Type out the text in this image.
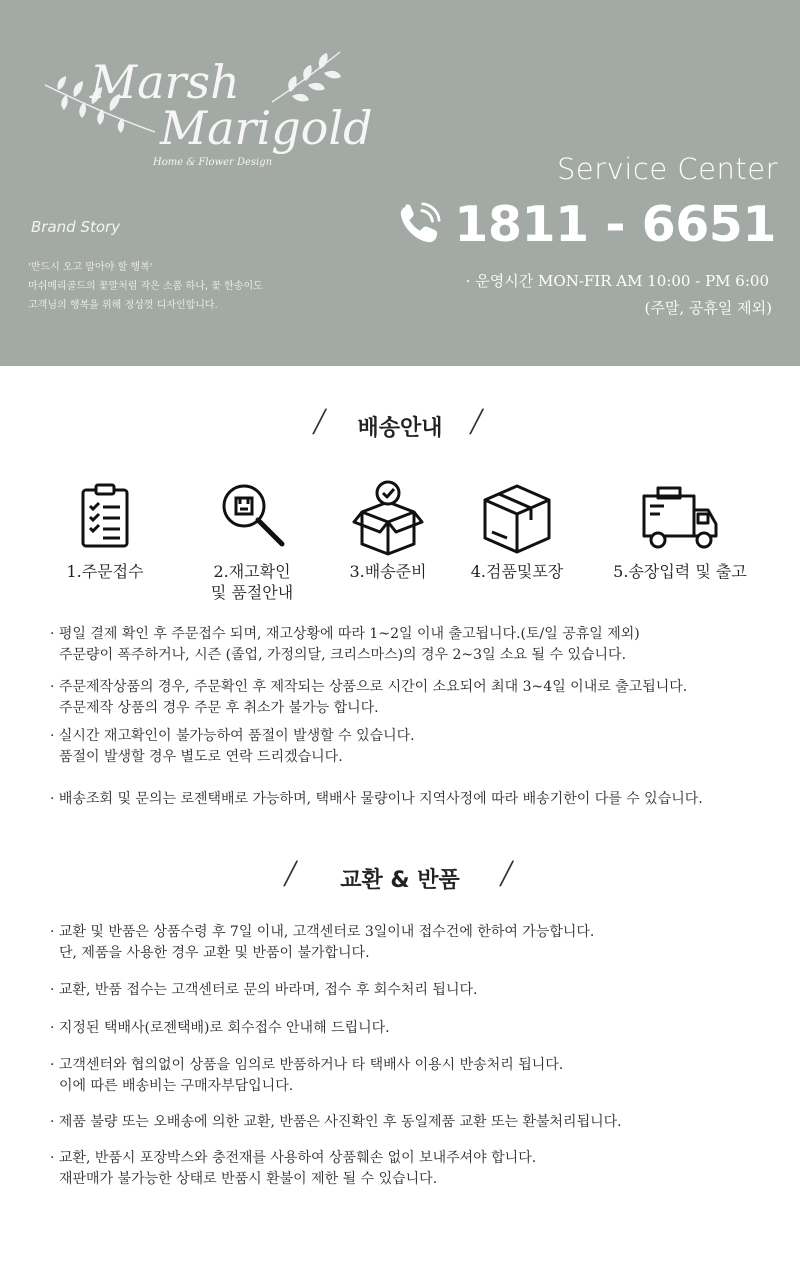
Marsh
Marigold
Home & Flower Design
Brand Story
'반드시 오고 말아야 할 행복'
마쉬메리골드의 꽃말처럼 작은 소품 하나, 꽃 한송이도
고객님의 행복을 위해 정성껏 디자인합니다.
Service Center
1811 - 6651
· 운영시간 MON-FIR AM 10:00 - PM 6:00
(주말, 공휴일 제외)
╱	배송안내	╱
1.주문접수	2.재고확인
및 품절안내
3.배송준비	4.검품및포장	5.송장입력 및 출고
· 평일 결제 확인 후 주문접수 되며, 재고상황에 따라 1~2일 이내 출고됩니다.(토/일 공휴일 제외)
주문량이 폭주하거나, 시즌 (졸업, 가정의달, 크리스마스)의 경우 2~3일 소요 될 수 있습니다.
· 주문제작상품의 경우, 주문확인 후 제작되는 상품으로 시간이 소요되어 최대 3~4일 이내로 출고됩니다.
주문제작 상품의 경우 주문 후 취소가 불가능 합니다.
· 실시간 재고확인이 불가능하여 품절이 발생할 수 있습니다.
품절이 발생할 경우 별도로 연락 드리겠습니다.
· 배송조회 및 문의는 로젠택배로 가능하며, 택배사 물량이나 지역사정에 따라 배송기한이 다를 수 있습니다.
╱	교환 & 반품	╱
· 교환 및 반품은 상품수령 후 7일 이내, 고객센터로 3일이내 접수건에 한하여 가능합니다.
단, 제품을 사용한 경우 교환 및 반품이 불가합니다.
· 교환, 반품 접수는 고객센터로 문의 바라며, 접수 후 회수처리 됩니다.
· 지정된 택배사(로젠택배)로 회수접수 안내해 드립니다.
· 고객센터와 협의없이 상품을 임의로 반품하거나 타 택배사 이용시 반송처리 됩니다.
이에 따른 배송비는 구매자부담입니다.
· 제품 불량 또는 오배송에 의한 교환, 반품은 사진확인 후 동일제품 교환 또는 환불처리됩니다.
· 교환, 반품시 포장박스와 충전재를 사용하여 상품훼손 없이 보내주셔야 합니다.
재판매가 불가능한 상태로 반품시 환불이 제한 될 수 있습니다.
